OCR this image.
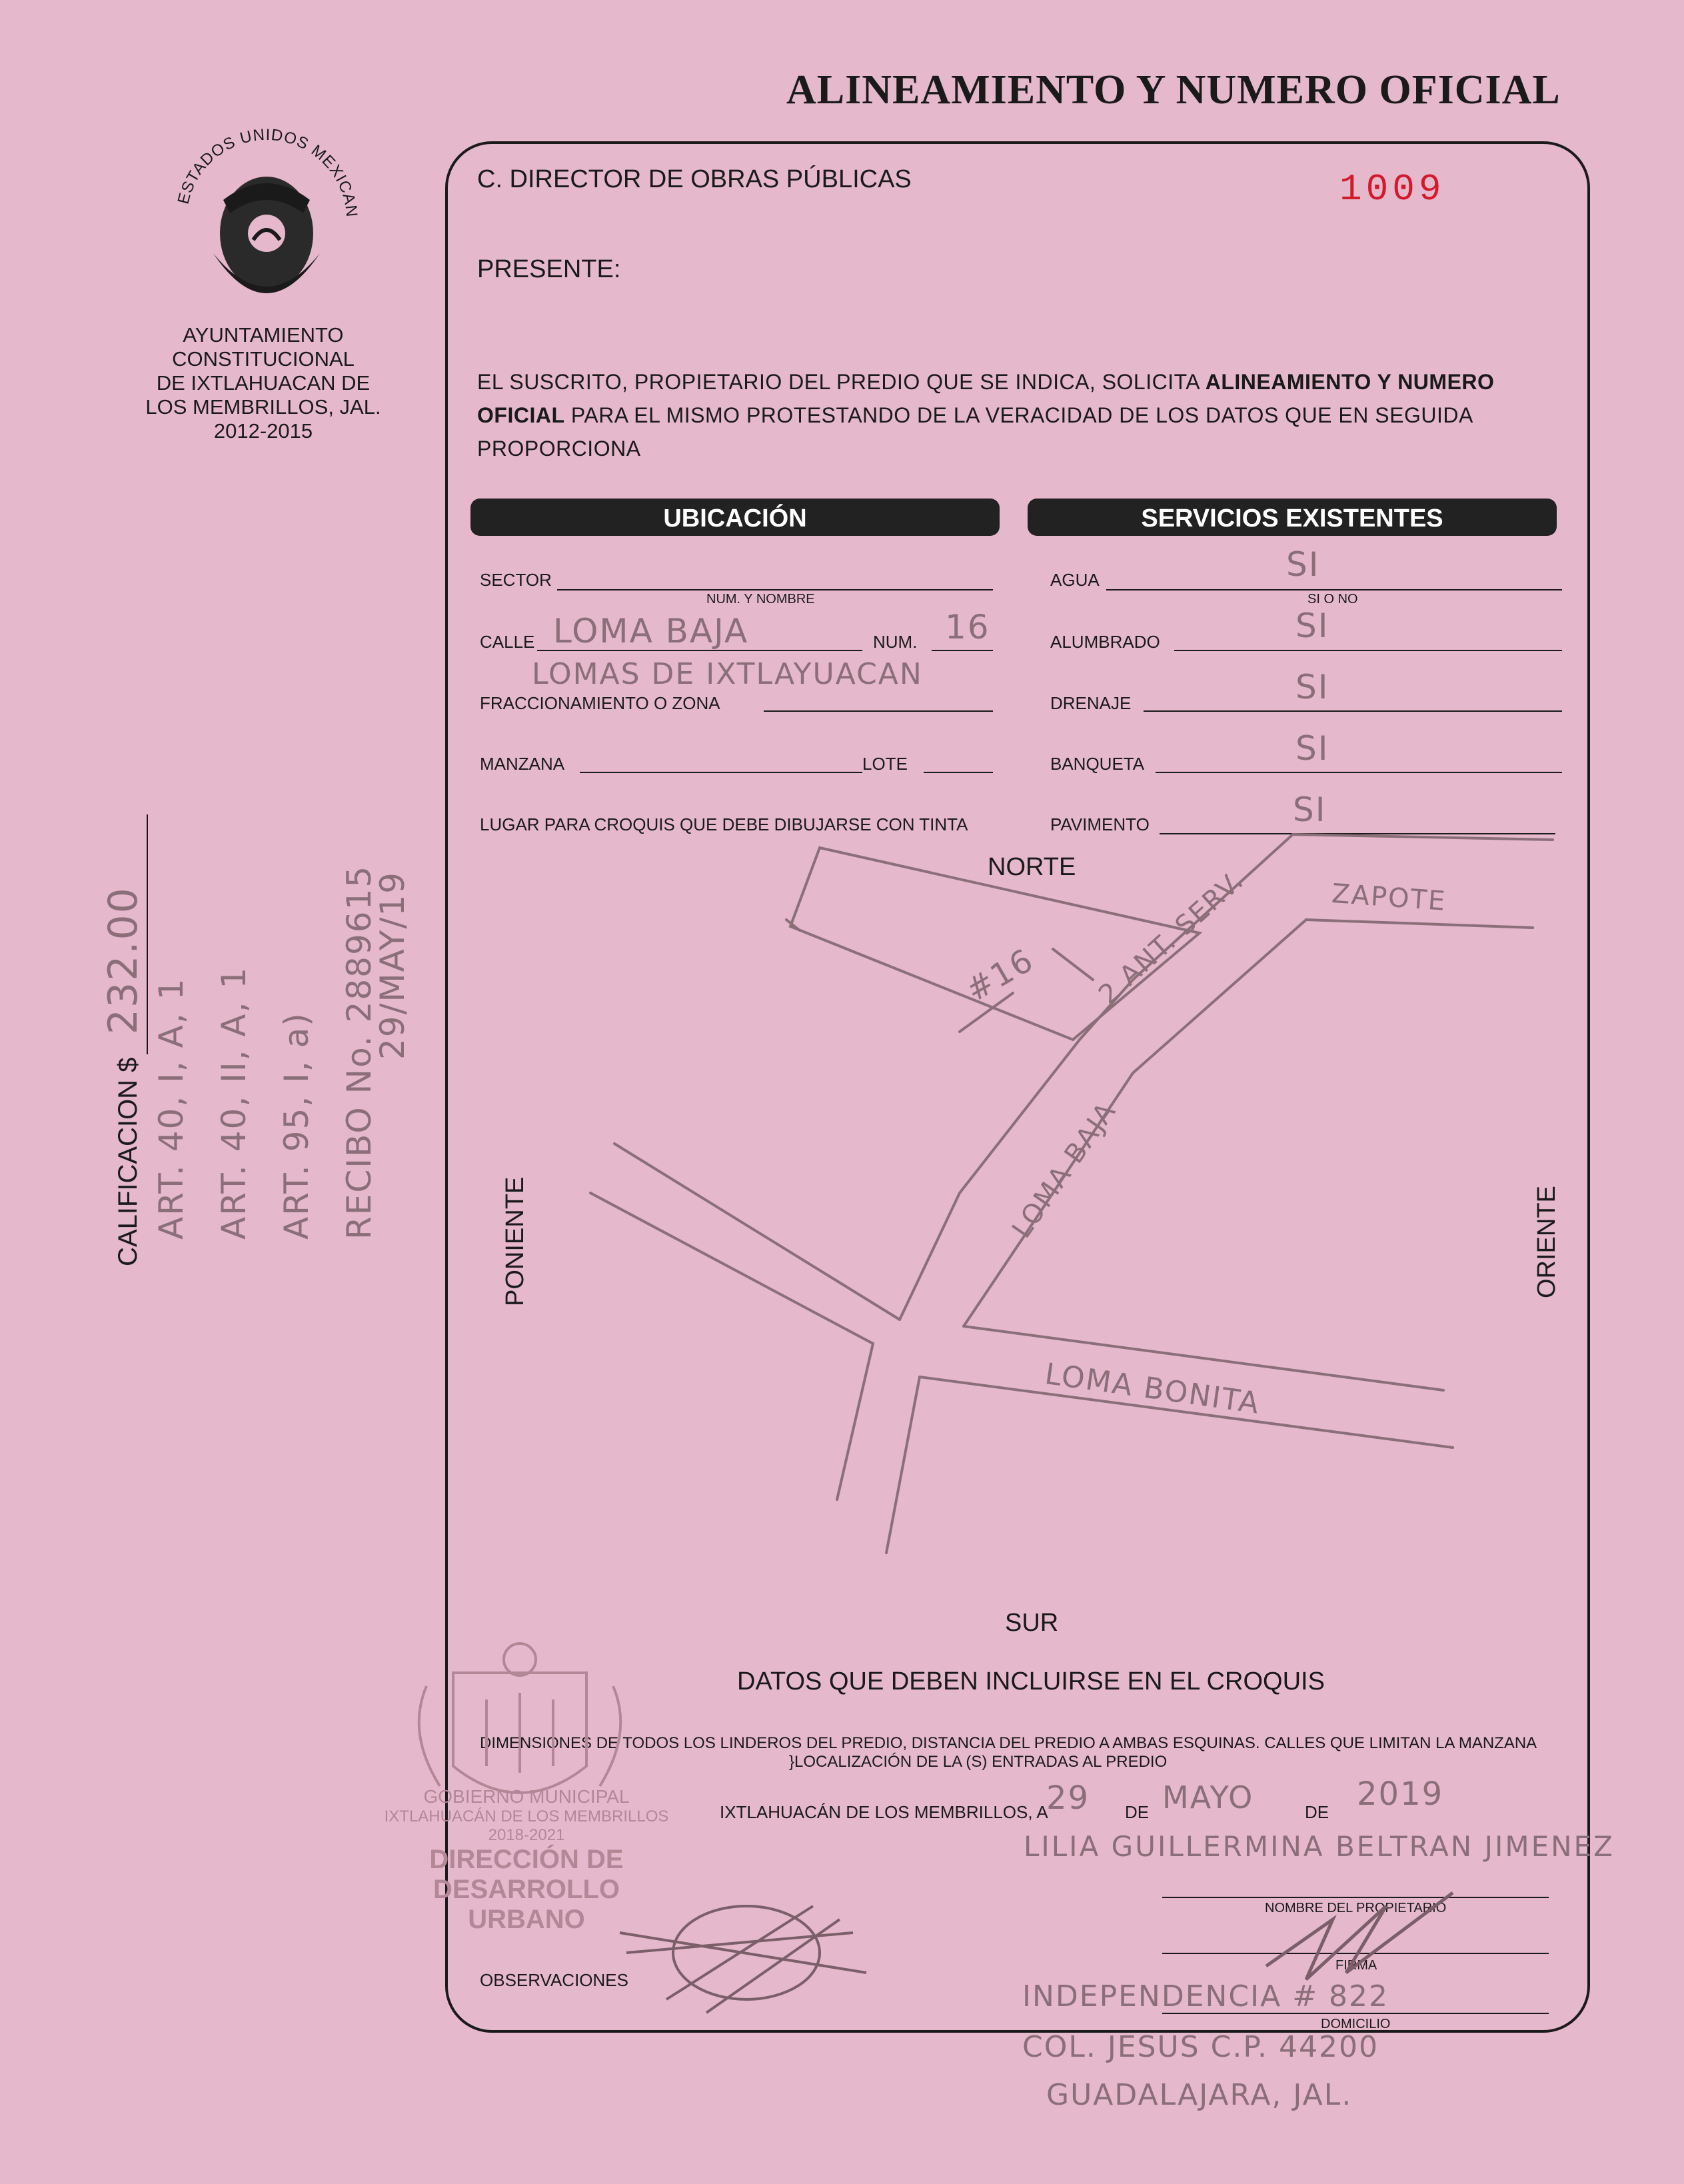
ALINEAMIENTO Y NUMERO OFICIAL
ESTADOS UNIDOS MEXICAN
AYUNTAMIENTO
CONSTITUCIONAL
DE IXTLAHUACAN DE
LOS MEMBRILLOS, JAL.
2012-2015
1009
C. DIRECTOR DE OBRAS PÚBLICAS
PRESENTE:
EL SUSCRITO, PROPIETARIO DEL PREDIO QUE SE INDICA, SOLICITA ALINEAMIENTO Y NUMERO OFICIAL PARA EL MISMO PROTESTANDO DE LA VERACIDAD DE LOS DATOS QUE EN SEGUIDA PROPORCIONA
UBICACIÓN	SERVICIOS EXISTENTES
SECTOR
NUM. Y NOMBRE
CALLE LOMA BAJA	NUM. 16
LOMAS DE IXTLAYUACAN
FRACCIONAMIENTO O ZONA
MANZANA	LOTE
LUGAR PARA CROQUIS QUE DEBE DIBUJARSE CON TINTA
AGUA	SI
SI O NO
ALUMBRADO	SI
DRENAJE	SI
BANQUETA	SI
PAVIMENTO	SI
NORTE
SUR
PONIENTE	ORIENTE
#16 2 ANT. SERV.	ZAPOTE
LOMA BAJA
LOMA BONITA
DATOS QUE DEBEN INCLUIRSE EN EL CROQUIS
DIMENSIONES DE TODOS LOS LINDEROS DEL PREDIO, DISTANCIA DEL PREDIO A AMBAS ESQUINAS. CALLES QUE LIMITAN LA MANZANA
}LOCALIZACIÓN DE LA (S) ENTRADAS AL PREDIO
IXTLAHUACÁN DE LOS MEMBRILLOS, A
29 DE MAYO	DE 2019
LILIA GUILLERMINA BELTRAN JIMENEZ
NOMBRE DEL PROPIETARIO
FIRMA
INDEPENDENCIA # 822
DOMICILIO
COL. JESUS C.P. 44200
GUADALAJARA, JAL.
OBSERVACIONES
GOBIERNO MUNICIPAL
IXTLAHUACÁN DE LOS MEMBRILLOS
2018-2021
DIRECCIÓN DE
DESARROLLO
URBANO
CALIFICACION $ 232.00
ART. 40, I, A, 1 ART. 40, II, A, 1 ART. 95, I, a) RECIBO No. 2889615
29/MAY/19
